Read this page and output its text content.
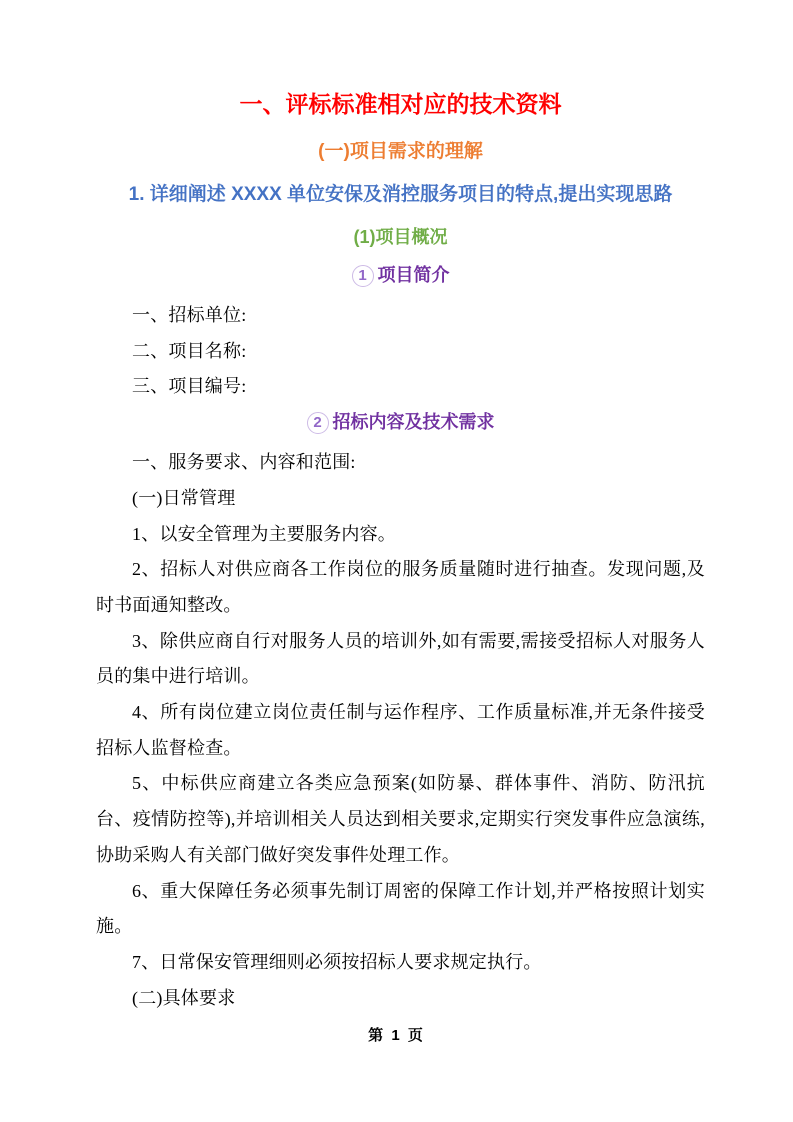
一、评标标准相对应的技术资料
(一)项目需求的理解
1. 详细阐述 XXXX 单位安保及消控服务项目的特点,提出实现思路
(1)项目概况
1 项目简介

一、招标单位:

二、项目名称:

三、项目编号:

2 招标内容及技术需求

一、服务要求、内容和范围:

(一)日常管理

1、以安全管理为主要服务内容。

2、招标人对供应商各工作岗位的服务质量随时进行抽查。发现问题,及时书面通知整改。

3、除供应商自行对服务人员的培训外,如有需要,需接受招标人对服务人员的集中进行培训。

4、所有岗位建立岗位责任制与运作程序、工作质量标准,并无条件接受招标人监督检查。

5、中标供应商建立各类应急预案(如防暴、群体事件、消防、防汛抗台、疫情防控等),并培训相关人员达到相关要求,定期实行突发事件应急演练,协助采购人有关部门做好突发事件处理工作。

6、重大保障任务必须事先制订周密的保障工作计划,并严格按照计划实施。

7、日常保安管理细则必须按招标人要求规定执行。

(二)具体要求

第 1 页
